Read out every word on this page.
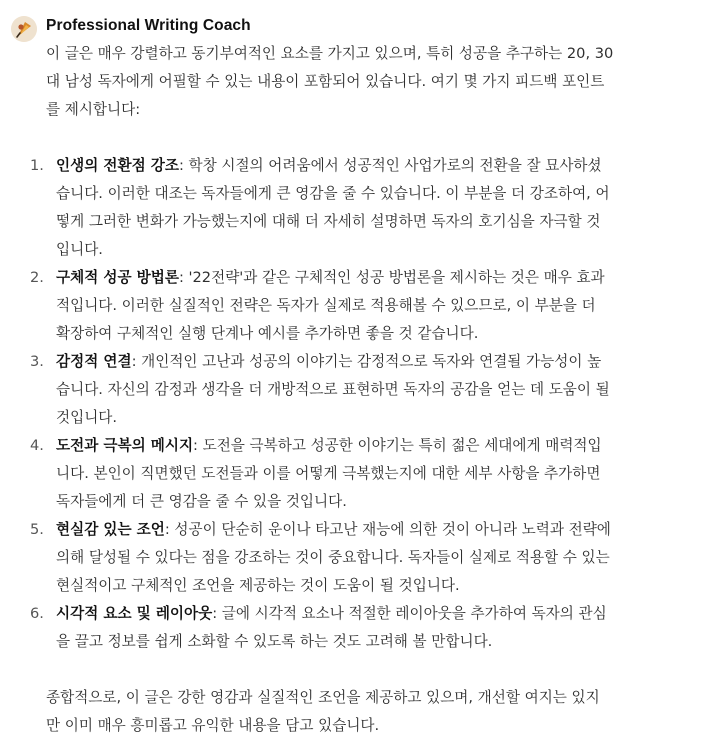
Professional Writing Coach

이 글은 매우 강렬하고 동기부여적인 요소를 가지고 있으며, 특히 성공을 추구하는 20, 30
대 남성 독자에게 어필할 수 있는 내용이 포함되어 있습니다. 여기 몇 가지 피드백 포인트
를 제시합니다:

1. 인생의 전환점 강조: 학창 시절의 어려움에서 성공적인 사업가로의 전환을 잘 묘사하셨
습니다. 이러한 대조는 독자들에게 큰 영감을 줄 수 있습니다. 이 부분을 더 강조하여, 어
떻게 그러한 변화가 가능했는지에 대해 더 자세히 설명하면 독자의 호기심을 자극할 것
입니다.
2. 구체적 성공 방법론: '22전략'과 같은 구체적인 성공 방법론을 제시하는 것은 매우 효과
적입니다. 이러한 실질적인 전략은 독자가 실제로 적용해볼 수 있으므로, 이 부분을 더
확장하여 구체적인 실행 단계나 예시를 추가하면 좋을 것 같습니다.
3. 감정적 연결: 개인적인 고난과 성공의 이야기는 감정적으로 독자와 연결될 가능성이 높
습니다. 자신의 감정과 생각을 더 개방적으로 표현하면 독자의 공감을 얻는 데 도움이 될
것입니다.
4. 도전과 극복의 메시지: 도전을 극복하고 성공한 이야기는 특히 젊은 세대에게 매력적입
니다. 본인이 직면했던 도전들과 이를 어떻게 극복했는지에 대한 세부 사항을 추가하면
독자들에게 더 큰 영감을 줄 수 있을 것입니다.
5. 현실감 있는 조언: 성공이 단순히 운이나 타고난 재능에 의한 것이 아니라 노력과 전략에
의해 달성될 수 있다는 점을 강조하는 것이 중요합니다. 독자들이 실제로 적용할 수 있는
현실적이고 구체적인 조언을 제공하는 것이 도움이 될 것입니다.
6. 시각적 요소 및 레이아웃: 글에 시각적 요소나 적절한 레이아웃을 추가하여 독자의 관심
을 끌고 정보를 쉽게 소화할 수 있도록 하는 것도 고려해 볼 만합니다.

종합적으로, 이 글은 강한 영감과 실질적인 조언을 제공하고 있으며, 개선할 여지는 있지
만 이미 매우 흥미롭고 유익한 내용을 담고 있습니다.
